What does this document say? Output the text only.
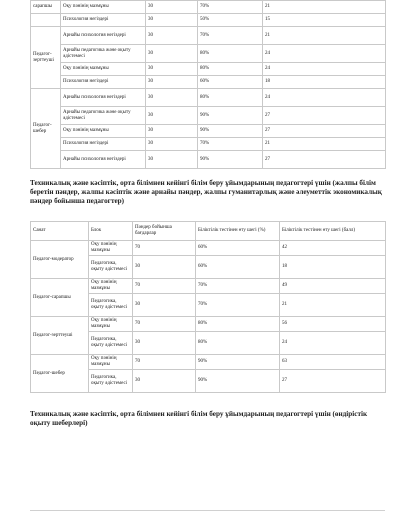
сарапшы	Оқу пәнінің мазмұны	30	70%	21
	Психология негіздері	30	50%	15
Педагог-зерттеуші	Арнайы психология негіздері	30	70%	21
	Арнайы педагогика және оқыту әдістемесі	30	80%	24
	Оқу пәнінің мазмұны	30	80%	24
	Психология негіздері	30	60%	18
Педагог-шебер	Арнайы психология негіздері	30	80%	24
	Арнайы педагогика және оқыту әдістемесі	30	90%	27
	Оқу пәнінің мазмұны	30	90%	27
	Психология негіздері	30	70%	21
	Арнайы психология негіздері	30	90%	27

Техникалық және кәсіптік, орта білімнен кейінгі білім беру ұйымдарының педагогтері үшін (жалпы білім беретін пәндер, жалпы кәсіптік және арнайы пәндер, жалпы гуманитарлық және әлеуметтік экономикалық пәндер бойынша педагогтер)

Санат	Блок	Пәндер бойынша бағдарлар	Біліктілік тестінен өту шегі (%)	Біліктілік тестінен өту шегі (балл)
Педагог-модератор	Оқу пәнінің мазмұны	70	60%	42
	Педагогика, оқыту әдістемесі	30	60%	18
Педагог-сарапшы	Оқу пәнінің мазмұны	70	70%	49
	Педагогика, оқыту әдістемесі	30	70%	21
Педагог-зерттеуші	Оқу пәнінің мазмұны	70	80%	56
	Педагогика, оқыту әдістемесі	30	80%	24
Педагог-шебер	Оқу пәнінің мазмұны	70	90%	63
	Педагогика, оқыту әдістемесі	30	90%	27

Техникалық және кәсіптік, орта білімнен кейінгі білім беру ұйымдарының педагогтері үшін (өндірістік оқыту шеберлері)
